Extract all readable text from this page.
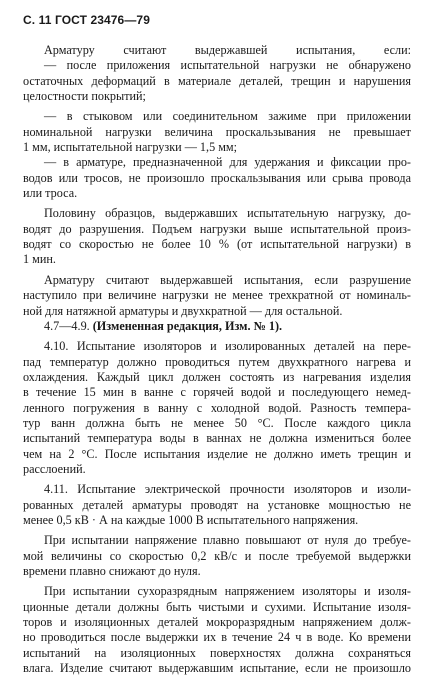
С. 11 ГОСТ 23476—79
Арматуру считают выдержавшей испытания, если:
— после приложения испытательной нагрузки не обнаружено
остаточных деформаций в материале деталей, трещин и нарушения
целостности покрытий;
— в стыковом или соединительном зажиме при приложении
номинальной нагрузки величина проскальзывания не превышает
1 мм, испытательной нагрузки — 1,5 мм;
— в арматуре, предназначенной для удержания и фиксации про-
водов или тросов, не произошло проскальзывания или срыва провода
или троса.
Половину образцов, выдержавших испытательную нагрузку, до-
водят до разрушения. Подъем нагрузки выше испытательной произ-
водят со скоростью не более 10 % (от испытательной нагрузки) в
1 мин.
Арматуру считают выдержавшей испытания, если разрушение
наступило при величине нагрузки не менее трехкратной от номиналь-
ной для натяжной арматуры и двухкратной — для остальной.
4.7—4.9. (Измененная редакция, Изм. № 1).
4.10. Испытание изоляторов и изолированных деталей на пере-
пад температур должно проводиться путем двухкратного нагрева и
охлаждения. Каждый цикл должен состоять из нагревания изделия
в течение 15 мин в ванне с горячей водой и последующего немед-
ленного погружения в ванну с холодной водой. Разность темпера-
тур ванн должна быть не менее 50 °С. После каждого цикла
испытаний температура воды в ваннах не должна измениться более
чем на 2 °С. После испытания изделие не должно иметь трещин и
расслоений.
4.11. Испытание электрической прочности изоляторов и изоли-
рованных деталей арматуры проводят на установке мощностью не
менее 0,5 кВ · А на каждые 1000 В испытательного напряжения.
При испытании напряжение плавно повышают от нуля до требуе-
мой величины со скоростью 0,2 кВ/с и после требуемой выдержки
времени плавно снижают до нуля.
При испытании сухоразрядным напряжением изоляторы и изоля-
ционные детали должны быть чистыми и сухими. Испытание изоля-
торов и изоляционных деталей мокроразрядным напряжением долж-
но проводиться после выдержки их в течение 24 ч в воде. Ко времени
испытаний на изоляционных поверхностях должна сохраняться
влага. Изделие считают выдержавшим испытание, если не произошло
